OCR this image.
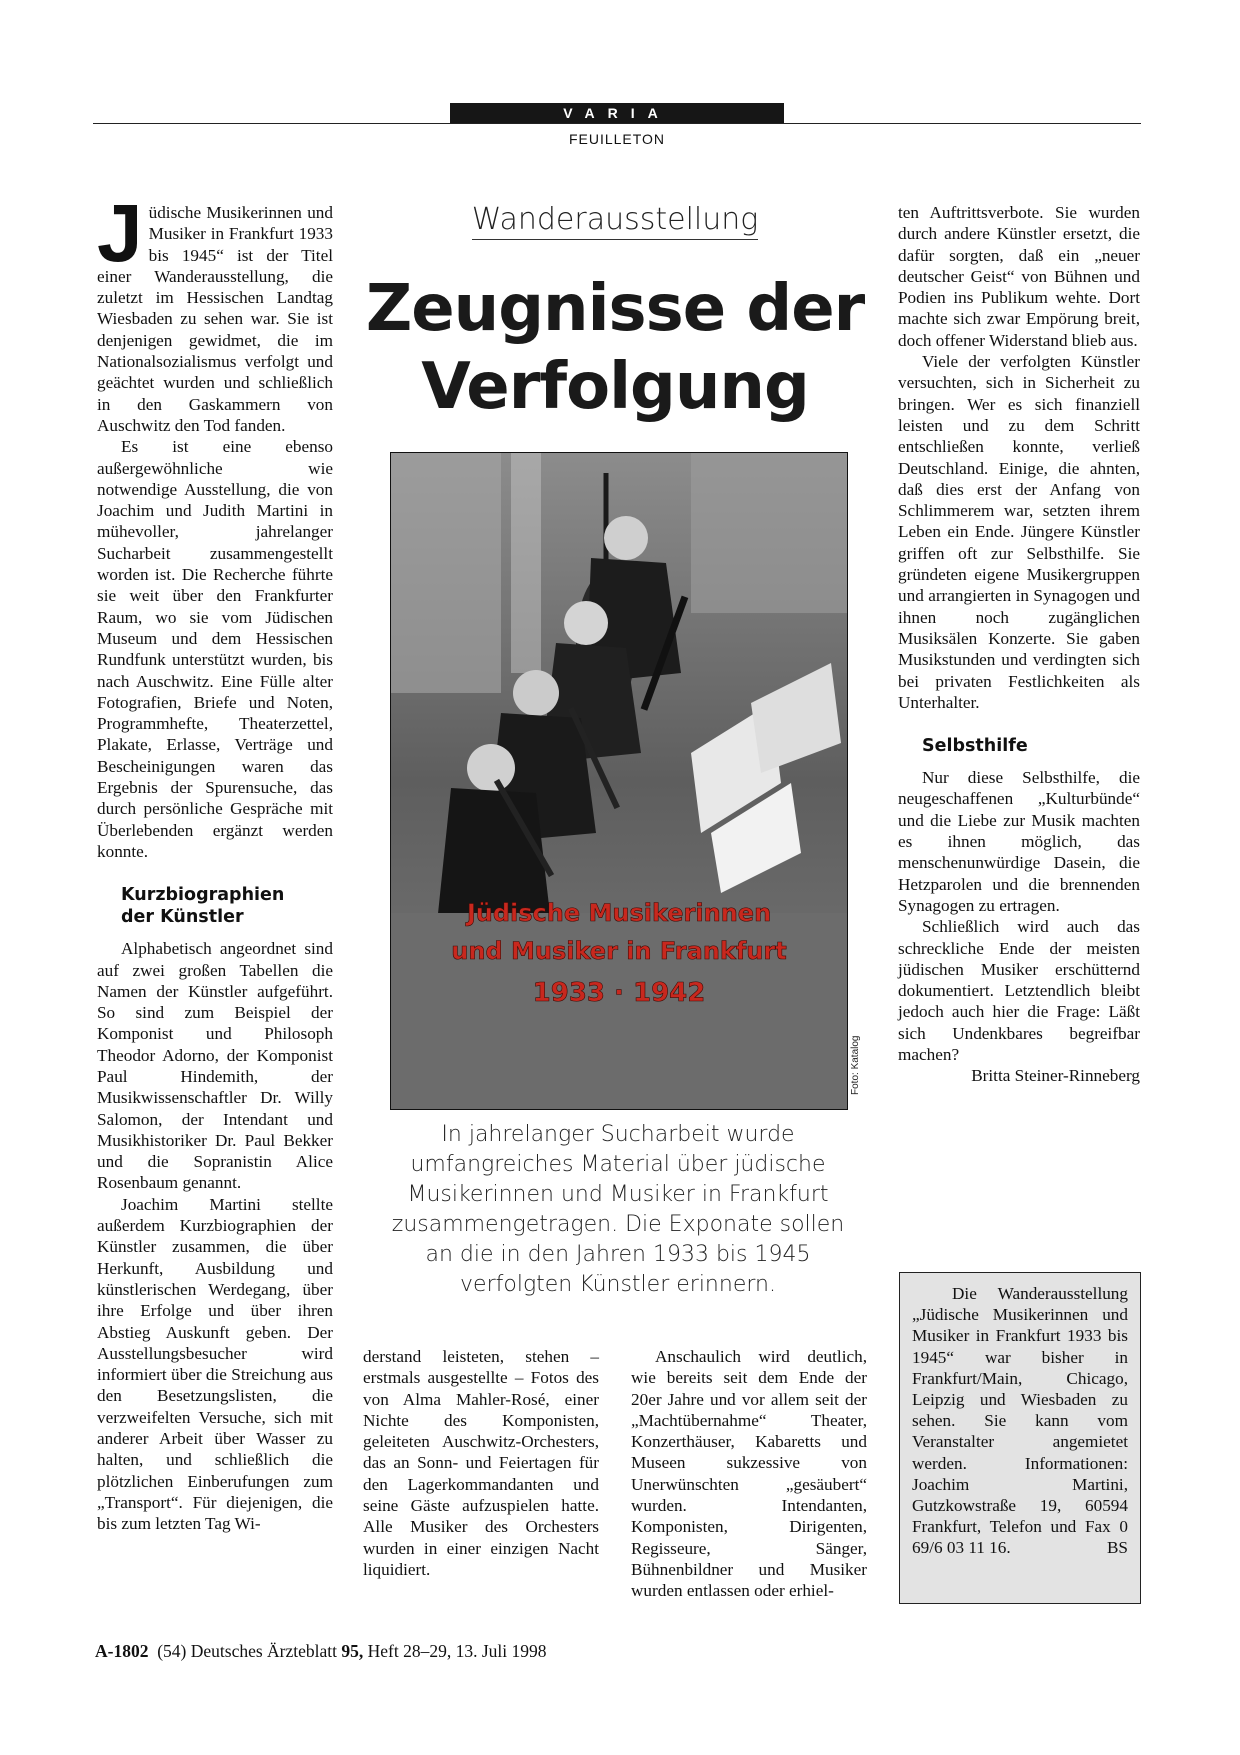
VARIA
FEUILLETON
J üdische Musikerinnen und Musiker in Frankfurt 1933 bis 1945“ ist der Titel einer Wanderausstellung, die zuletzt im Hessischen Landtag Wiesbaden zu sehen war. Sie ist denjenigen gewidmet, die im Nationalsozialismus verfolgt und geächtet wurden und schließlich in den Gaskammern von Auschwitz den Tod fanden.

Es ist eine ebenso außergewöhnliche wie notwendige Ausstellung, die von Joachim und Judith Martini in mühevoller, jahrelanger Sucharbeit zusammengestellt worden ist. Die Recherche führte sie weit über den Frankfurter Raum, wo sie vom Jüdischen Museum und dem Hessischen Rundfunk unterstützt wurden, bis nach Auschwitz. Eine Fülle alter Fotografien, Briefe und Noten, Programmhefte, Theaterzettel, Plakate, Erlasse, Verträge und Bescheinigungen waren das Ergebnis der Spurensuche, das durch persönliche Gespräche mit Überlebenden ergänzt werden konnte.

Kurzbiographien
der Künstler

Alphabetisch angeordnet sind auf zwei großen Tabellen die Namen der Künstler aufgeführt. So sind zum Beispiel der Komponist und Philosoph Theodor Adorno, der Komponist Paul Hindemith, der Musikwissenschaftler Dr. Willy Salomon, der Intendant und Musikhistoriker Dr. Paul Bekker und die Sopranistin Alice Rosenbaum genannt.

Joachim Martini stellte außerdem Kurzbiographien der Künstler zusammen, die über Herkunft, Ausbildung und künstlerischen Werdegang, über ihre Erfolge und über ihren Abstieg Auskunft geben. Der Ausstellungsbesucher wird informiert über die Streichung aus den Besetzungslisten, die verzweifelten Versuche, sich mit anderer Arbeit über Wasser zu halten, und schließlich die plötzlichen Einberufungen zum „Transport“. Für diejenigen, die bis zum letzten Tag Wi-

Wanderausstellung
Zeugnisse der
Verfolgung
Jüdische Musikerinnen
und Musiker in Frankfurt
1933 · 1942
Foto: Katalog
In jahrelanger Sucharbeit wurde umfangreiches Material über jüdische Musikerinnen und Musiker in Frankfurt zusammengetragen. Die Exponate sollen an die in den Jahren 1933 bis 1945 verfolgten Künstler erinnern.

derstand leisteten, stehen – erstmals ausgestellte – Fotos des von Alma Mahler-Rosé, einer Nichte des Komponisten, geleiteten Auschwitz-Orchesters, das an Sonn- und Feiertagen für den Lagerkommandanten und seine Gäste aufzuspielen hatte. Alle Musiker des Orchesters wurden in einer einzigen Nacht liquidiert.

Anschaulich wird deutlich, wie bereits seit dem Ende der 20er Jahre und vor allem seit der „Machtübernahme“ Theater, Konzerthäuser, Kabaretts und Museen sukzessive von Unerwünschten „gesäubert“ wurden. Intendanten, Komponisten, Dirigenten, Regisseure, Sänger, Bühnenbildner und Musiker wurden entlassen oder erhiel-

ten Auftrittsverbote. Sie wurden durch andere Künstler ersetzt, die dafür sorgten, daß ein „neuer deutscher Geist“ von Bühnen und Podien ins Publikum wehte. Dort machte sich zwar Empörung breit, doch offener Widerstand blieb aus.

Viele der verfolgten Künstler versuchten, sich in Sicherheit zu bringen. Wer es sich finanziell leisten und zu dem Schritt entschließen konnte, verließ Deutschland. Einige, die ahnten, daß dies erst der Anfang von Schlimmerem war, setzten ihrem Leben ein Ende. Jüngere Künstler griffen oft zur Selbsthilfe. Sie gründeten eigene Musikergruppen und arrangierten in Synagogen und ihnen noch zugänglichen Musiksälen Konzerte. Sie gaben Musikstunden und verdingten sich bei privaten Festlichkeiten als Unterhalter.

Selbsthilfe

Nur diese Selbsthilfe, die neugeschaffenen „Kulturbünde“ und die Liebe zur Musik machten es ihnen möglich, das menschenunwürdige Dasein, die Hetzparolen und die brennenden Synagogen zu ertragen.

Schließlich wird auch das schreckliche Ende der meisten jüdischen Musiker erschütternd dokumentiert. Letztendlich bleibt jedoch auch hier die Frage: Läßt sich Undenkbares begreifbar machen?

Britta Steiner-Rinneberg

Die Wanderausstellung „Jüdische Musikerinnen und Musiker in Frankfurt 1933 bis 1945“ war bisher in Frankfurt/Main, Chicago, Leipzig und Wiesbaden zu sehen. Sie kann vom Veranstalter angemietet werden. Informationen: Joachim Martini, Gutzkowstraße 19, 60594 Frankfurt, Telefon und Fax 0 69/6 03 11 16.	BS

A-1802 (54) Deutsches Ärzteblatt 95, Heft 28–29, 13. Juli 1998
